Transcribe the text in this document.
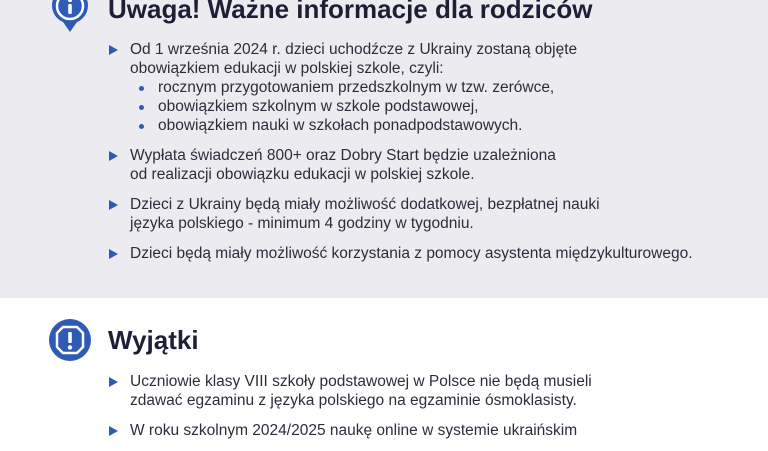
Uwaga! Ważne informacje dla rodziców
Od 1 września 2024 r. dzieci uchodźcze z Ukrainy zostaną objęte
obowiązkiem edukacji w polskiej szkole, czyli:
rocznym przygotowaniem przedszkolnym w tzw. zerówce,
obowiązkiem szkolnym w szkole podstawowej,
obowiązkiem nauki w szkołach ponadpodstawowych.
Wypłata świadczeń 800+ oraz Dobry Start będzie uzależniona
od realizacji obowiązku edukacji w polskiej szkole.
Dzieci z Ukrainy będą miały możliwość dodatkowej, bezpłatnej nauki
języka polskiego - minimum 4 godziny w tygodniu.
Dzieci będą miały możliwość korzystania z pomocy asystenta międzykulturowego.
Wyjątki
Uczniowie klasy VIII szkoły podstawowej w Polsce nie będą musieli
zdawać egzaminu z języka polskiego na egzaminie ósmoklasisty.
W roku szkolnym 2024/2025 naukę online w systemie ukraińskim
